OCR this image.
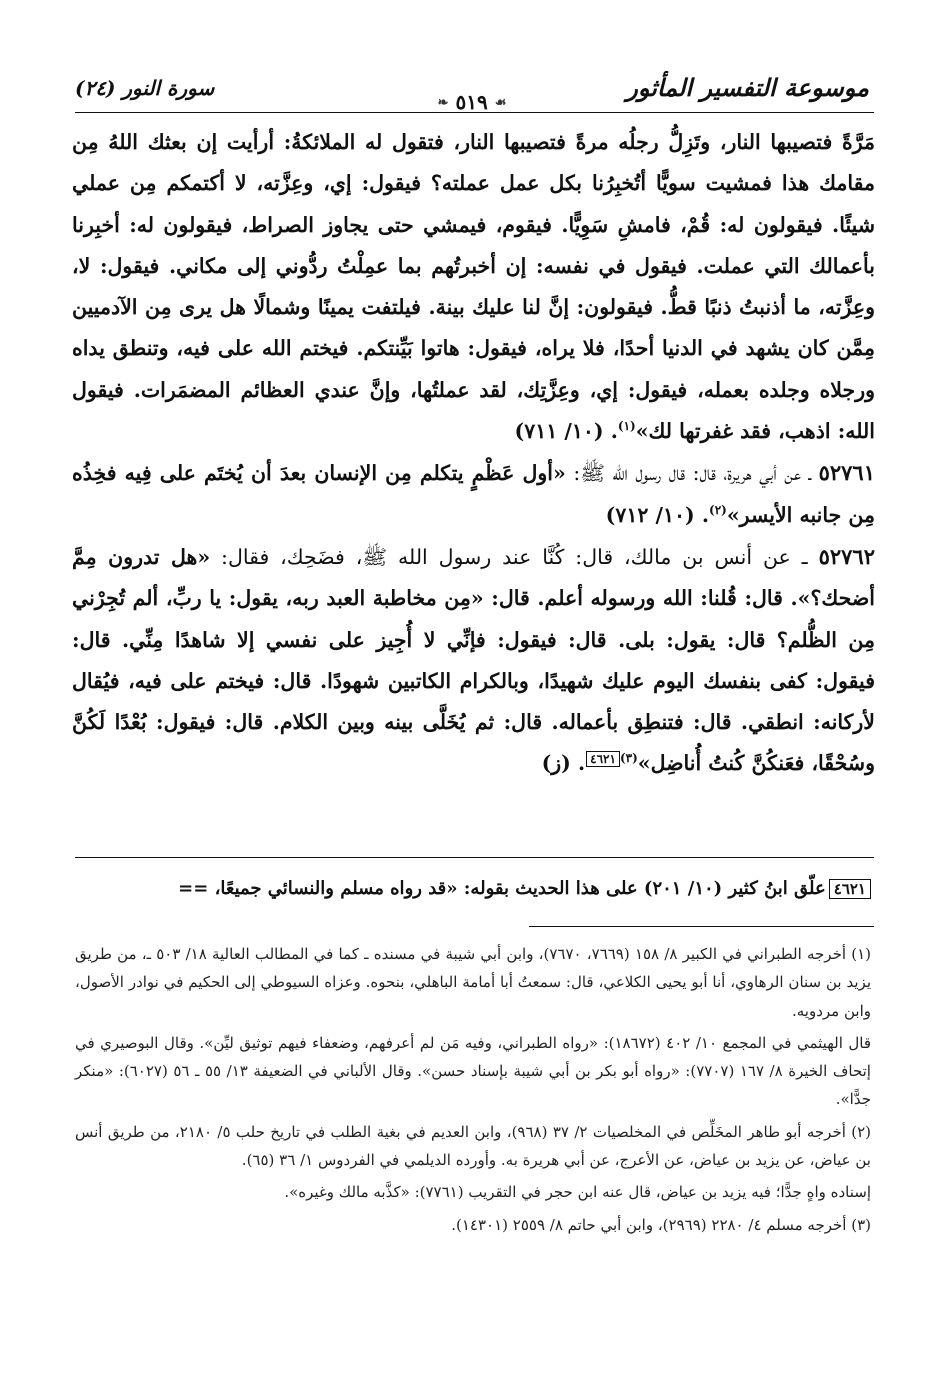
موسوعة التفسير المأثور
❧ ٥١٩ ☙
سورة النور (٢٤)

مَرَّةً فتصيبها النار، وتَزِلُّ رجلُه مرةً فتصيبها النار، فتقول له الملائكةُ: أرأيت إن بعثك اللهُ مِن مقامك هذا فمشيت سويًّا أتُخبِرُنا بكل عمل عملته؟ فيقول: إي، وعِزَّته، لا أكتمكم مِن عملي شيئًا. فيقولون له: قُمْ، فامشِ سَوِيًّا. فيقوم، فيمشي حتى يجاوز الصراط، فيقولون له: أخبِرنا بأعمالك التي عملت. فيقول في نفسه: إن أخبرتُهم بما عمِلْتُ ردُّوني إلى مكاني. فيقول: لا، وعِزَّته، ما أذنبتُ ذنبًا قطُّ. فيقولون: إنَّ لنا عليك بينة. فيلتفت يمينًا وشمالًا هل يرى مِن الآدميين مِمَّن كان يشهد في الدنيا أحدًا، فلا يراه، فيقول: هاتوا بَيِّنتكم. فيختم الله على فيه، وتنطق يداه ورجلاه وجلده بعمله، فيقول: إي، وعِزَّتِك، لقد عملتُها، وإنَّ عندي العظائم المضمَرات. فيقول الله: اذهب، فقد غفرتها لك»$^{(١)}$. (١٠/ ٧١١)

٥٢٧٦١ ـ عن أبي هريرة، قال: قال رسول الله ﷺ: «أول عَظْمٍ يتكلم مِن الإنسان بعدَ أن يُختَم على فِيه فخِذُه مِن جانبه الأيسر»$^{(٢)}$. (١٠/ ٧١٢)

٥٢٧٦٢ ـ عن أنس بن مالك، قال: كُنَّا عند رسول الله ﷺ، فضَحِك، فقال: «هل تدرون مِمَّ أضحك؟». قال: قُلنا: الله ورسوله أعلم. قال: «مِن مخاطبة العبد ربه، يقول: يا ربِّ، ألم تُجِرْني مِن الظُّلم؟ قال: يقول: بلى. قال: فيقول: فإنِّي لا أُجِيز على نفسي إلا شاهدًا مِنِّي. قال: فيقول: كفى بنفسك اليوم عليك شهيدًا، وبالكرام الكاتبين شهودًا. قال: فيختم على فيه، فيُقال لأركانه: انطقي. قال: فتنطِق بأعماله. قال: ثم يُخَلَّى بينه وبين الكلام. قال: فيقول: بُعْدًا لَكُنَّ وسُحْقًا، فعَنكُنَّ كُنتُ أُناضِل»$^{(٣)}$٤٦٢١. (ز)

٤٦٢١علّق ابنُ كثير (١٠/ ٢٠١) على هذا الحديث بقوله: «قد رواه مسلم والنسائي جميعًا، ==

(١) أخرجه الطبراني في الكبير ٨/ ١٥٨ (٧٦٦٩، ٧٦٧٠)، وابن أبي شيبة في مسنده ـ كما في المطالب العالية ١٨/ ٥٠٣ ـ، من طريق يزيد بن سنان الرهاوي، أنا أبو يحيى الكلاعي، قال: سمعتُ أبا أمامة الباهلي، بنحوه. وعزاه السيوطي إلى الحكيم في نوادر الأصول، وابن مردويه.

قال الهيثمي في المجمع ١٠/ ٤٠٢ (١٨٦٧٢): «رواه الطبراني، وفيه مَن لم أعرفهم، وضعفاء فيهم توثيق ليِّن». وقال البوصيري في إتحاف الخيرة ٨/ ١٦٧ (٧٧٠٧): «رواه أبو بكر بن أبي شيبة بإسناد حسن». وقال الألباني في الضعيفة ١٣/ ٥٥ ـ ٥٦ (٦٠٢٧): «منكر جدًّا».

(٢) أخرجه أبو طاهر المخَلِّص في المخلصيات ٢/ ٣٧ (٩٦٨)، وابن العديم في بغية الطلب في تاريخ حلب ٥/ ٢١٨٠، من طريق أنس بن عياض، عن يزيد بن عياض، عن الأعرج، عن أبي هريرة به. وأورده الديلمي في الفردوس ١/ ٣٦ (٦٥).

إسناده واهٍ جدًّا؛ فيه يزيد بن عياض، قال عنه ابن حجر في التقريب (٧٧٦١): «كذَّبه مالك وغيره».

(٣) أخرجه مسلم ٤/ ٢٢٨٠ (٢٩٦٩)، وابن أبي حاتم ٨/ ٢٥٥٩ (١٤٣٠١).
